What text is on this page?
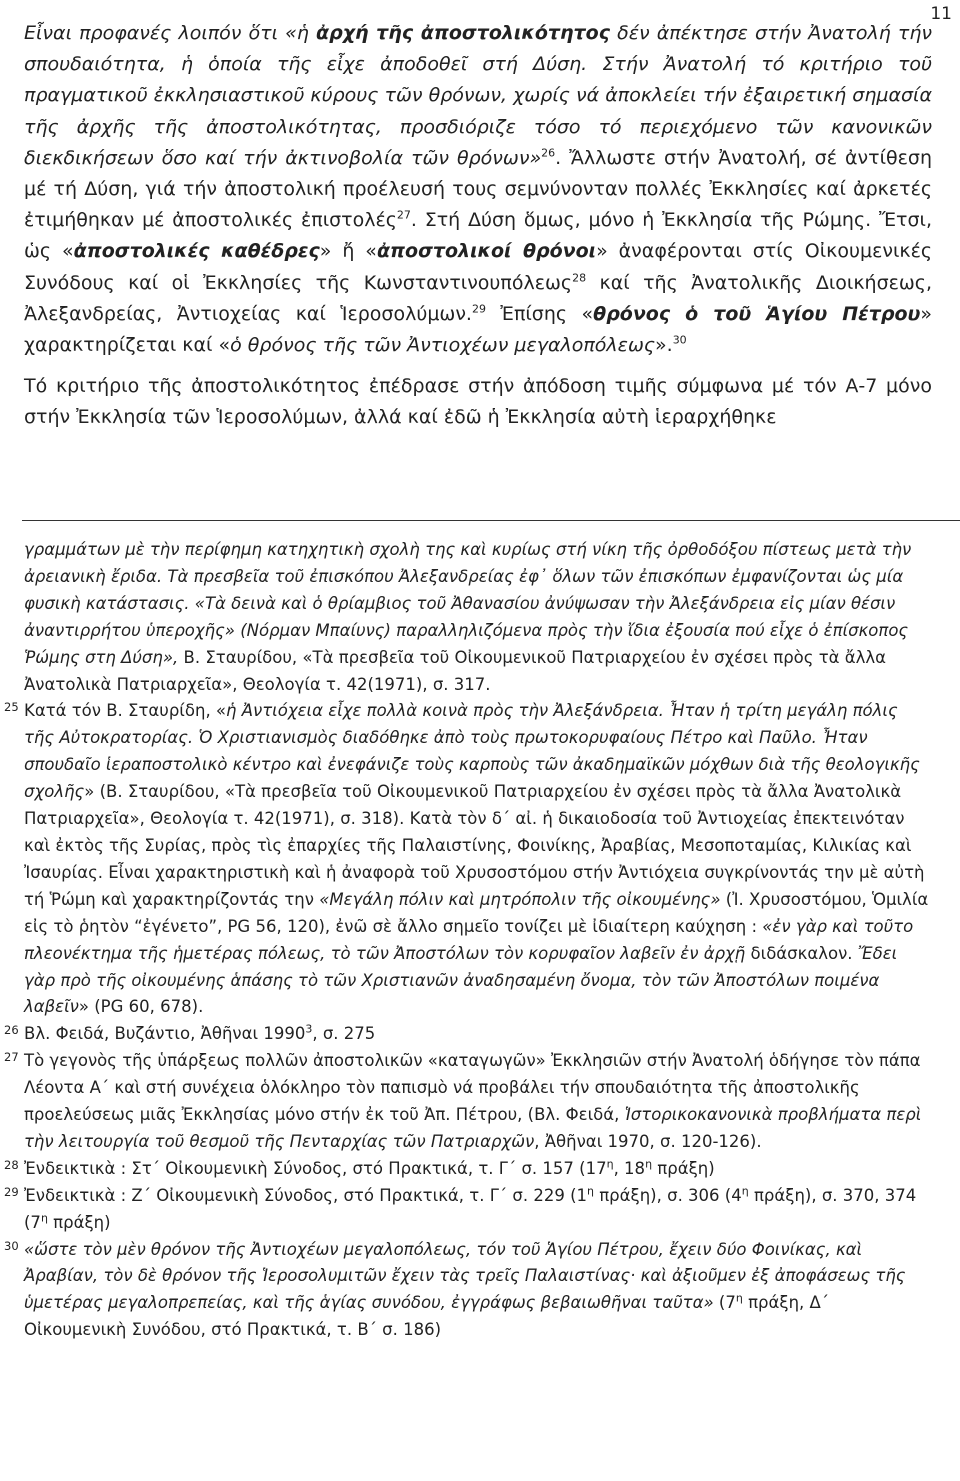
11

Εἶναι προφανές λοιπόν ὅτι «ἡ ἀρχή τῆς ἀποστολικότητος δέν ἀπέκτησε στήν Ἀνατολή τήν σπουδαιότητα, ἡ ὁποία τῆς εἶχε ἀποδοθεῖ στή Δύση. Στήν Ἀνατολή τό κριτήριο τοῦ πραγματικοῦ ἐκκλησιαστικοῦ κύρους τῶν θρόνων, χωρίς νά ἀποκλείει τήν ἐξαιρετική σημασία τῆς ἀρχῆς τῆς ἀποστολικότητας, προσδιόριζε τόσο τό περιεχόμενο τῶν κανονικῶν διεκδικήσεων ὅσο καί τήν ἀκτινοβολία τῶν θρόνων»$^{26}$. Ἄλλωστε στήν Ἀνατολή, σέ ἀντίθεση μέ τή Δύση, γιά τήν ἀποστολική προέλευσή τους σεμνύνονταν πολλές Ἐκκλησίες καί ἀρκετές ἐτιμήθηκαν μέ ἀποστολικές ἐπιστολές$^{27}$. Στή Δύση ὅμως, μόνο ἡ Ἐκκλησία τῆς Ρώμης. Ἔτσι, ὡς «ἀποστολικές καθέδρες» ἤ «ἀποστολικοί θρόνοι» ἀναφέρονται στίς Οἰκουμενικές Συνόδους καί οἱ Ἐκκλησίες τῆς Κωνσταντινουπόλεως$^{28}$ καί τῆς Ἀνατολικῆς Διοικήσεως, Ἀλεξανδρείας, Ἀντιοχείας καί Ἱεροσολύμων.$^{29}$ Ἐπίσης «θρόνος ὁ τοῦ Ἁγίου Πέτρου» χαρακτηρίζεται καί «ὁ θρόνος τῆς τῶν Ἀντιοχέων μεγαλοπόλεως».$^{30}$

Τό κριτήριο τῆς ἀποστολικότητος ἐπέδρασε στήν ἀπόδοση τιμῆς σύμφωνα μέ τόν Α-7 μόνο στήν Ἐκκλησία τῶν Ἱεροσολύμων, ἀλλά καί ἐδῶ ἡ Ἐκκλησία αὐτὴ ἱεραρχήθηκε

γραμμάτων μὲ τὴν περίφημη κατηχητικὴ σχολὴ της καὶ κυρίως στή νίκη τῆς ὀρθοδόξου πίστεως μετὰ τὴν ἀρειανικὴ ἔριδα. Τὰ πρεσβεῖα τοῦ ἐπισκόπου Ἀλεξανδρείας ἐφ᾽ ὅλων τῶν ἐπισκόπων ἐμφανίζονται ὡς μία φυσικὴ κατάστασις. «Τὰ δεινὰ καὶ ὁ θρίαμβιος τοῦ Ἀθανασίου ἀνύψωσαν τὴν Ἀλεξάνδρεια εἰς μίαν θέσιν ἀναντιρρήτου ὑπεροχῆς» (Νόρμαν Μπαίυνς) παραλληλιζόμενα πρὸς τὴν ἴδια ἐξουσία πού εἶχε ὁ ἐπίσκοπος Ῥώμης στη Δύση», Β. Σταυρίδου, «Τὰ πρεσβεῖα τοῦ Οἰκουμενικοῦ Πατριαρχείου ἐν σχέσει πρὸς τὰ ἄλλα Ἀνατολικὰ Πατριαρχεῖα», Θεολογία τ. 42(1971), σ. 317.

25 Κατά τόν Β. Σταυρίδη, «ἡ Ἀντιόχεια εἶχε πολλὰ κοινὰ πρὸς τὴν Ἀλεξάνδρεια. Ἦταν ἡ τρίτη μεγάλη πόλις τῆς Αὐτοκρατορίας. Ὁ Χριστιανισμὸς διαδόθηκε ἀπὸ τοὺς πρωτοκορυφαίους Πέτρο καὶ Παῦλο. Ἦταν σπουδαῖο ἱεραποστολικὸ κέντρο καὶ ἐνεφάνιζε τοὺς καρποὺς τῶν ἀκαδημαϊκῶν μόχθων διὰ τῆς θεολογικῆς σχολῆς» (Β. Σταυρίδου, «Τὰ πρεσβεῖα τοῦ Οἰκουμενικοῦ Πατριαρχείου ἐν σχέσει πρὸς τὰ ἄλλα Ἀνατολικὰ Πατριαρχεῖα», Θεολογία τ. 42(1971), σ. 318). Κατὰ τὸν δ΄ αἰ. ἡ δικαιοδοσία τοῦ Ἀντιοχείας ἐπεκτεινόταν καὶ ἐκτὸς τῆς Συρίας, πρὸς τὶς ἐπαρχίες τῆς Παλαιστίνης, Φοινίκης, Ἀραβίας, Μεσοποταμίας, Κιλικίας καὶ Ἰσαυρίας. Εἶναι χαρακτηριστικὴ καὶ ἡ ἀναφορὰ τοῦ Χρυσοστόμου στήν Ἀντιόχεια συγκρίνοντάς την μὲ αὐτὴ τή Ῥώμη καὶ χαρακτηρίζοντάς την «Μεγάλη πόλιν καὶ μητρόπολιν τῆς οἰκουμένης» (Ἰ. Χρυσοστόμου, Ὁμιλία εἰς τὸ ῥητὸν “ἐγένετο”, PG 56, 120), ἐνῶ σὲ ἄλλο σημεῖο τονίζει μὲ ἰδιαίτερη καύχηση : «ἐν γὰρ καὶ τοῦτο πλεονέκτημα τῆς ἡμετέρας πόλεως, τὸ τῶν Ἀποστόλων τὸν κορυφαῖον λαβεῖν ἐν ἀρχῇ διδάσκαλον. Ἔδει γὰρ πρὸ τῆς οἰκουμένης ἁπάσης τὸ τῶν Χριστιανῶν ἀναδησαμένη ὄνομα, τὸν τῶν Ἀποστόλων ποιμένα λαβεῖν» (PG 60, 678).

26 Βλ. Φειδά, Βυζάντιο, Ἀθῆναι 1990$^3$, σ. 275

27 Τὸ γεγονὸς τῆς ὑπάρξεως πολλῶν ἀποστολικῶν «καταγωγῶν» Ἐκκλησιῶν στήν Ἀνατολή ὁδήγησε τὸν πάπα Λέοντα Α΄ καὶ στή συνέχεια ὁλόκληρο τὸν παπισμὸ νά προβάλει τήν σπουδαιότητα τῆς ἀποστολικῆς προελεύσεως μιᾶς Ἐκκλησίας μόνο στήν ἐκ τοῦ Ἀπ. Πέτρου, (Βλ. Φειδά, Ἱστορικοκανονικὰ προβλήματα περὶ τὴν λειτουργία τοῦ θεσμοῦ τῆς Πενταρχίας τῶν Πατριαρχῶν, Ἀθῆναι 1970, σ. 120-126).

28 Ἐνδεικτικὰ : Στ΄ Οἰκουμενικὴ Σύνοδος, στό Πρακτικά, τ. Γ΄ σ. 157 ($17^\eta$, $18^\eta$ πράξη)

29 Ἐνδεικτικὰ : Ζ΄ Οἰκουμενικὴ Σύνοδος, στό Πρακτικά, τ. Γ΄ σ. 229 ($1^\eta$ πράξη), σ. 306 ($4^\eta$ πράξη), σ. 370, 374 ($7^\eta$ πράξη)

30 «ὥστε τὸν μὲν θρόνον τῆς Ἀντιοχέων μεγαλοπόλεως, τόν τοῦ Ἁγίου Πέτρου, ἔχειν δύο Φοινίκας, καὶ Ἀραβίαν, τὸν δὲ θρόνον τῆς Ἱεροσολυμιτῶν ἔχειν τὰς τρεῖς Παλαιστίνας· καὶ ἀξιοῦμεν ἐξ ἀποφάσεως τῆς ὑμετέρας μεγαλοπρεπείας, καὶ τῆς ἁγίας συνόδου, ἐγγράφως βεβαιωθῆναι ταῦτα» ($7^\eta$ πράξη, Δ΄ Οἰκουμενικὴ Συνόδου, στό Πρακτικά, τ. Β΄ σ. 186)
